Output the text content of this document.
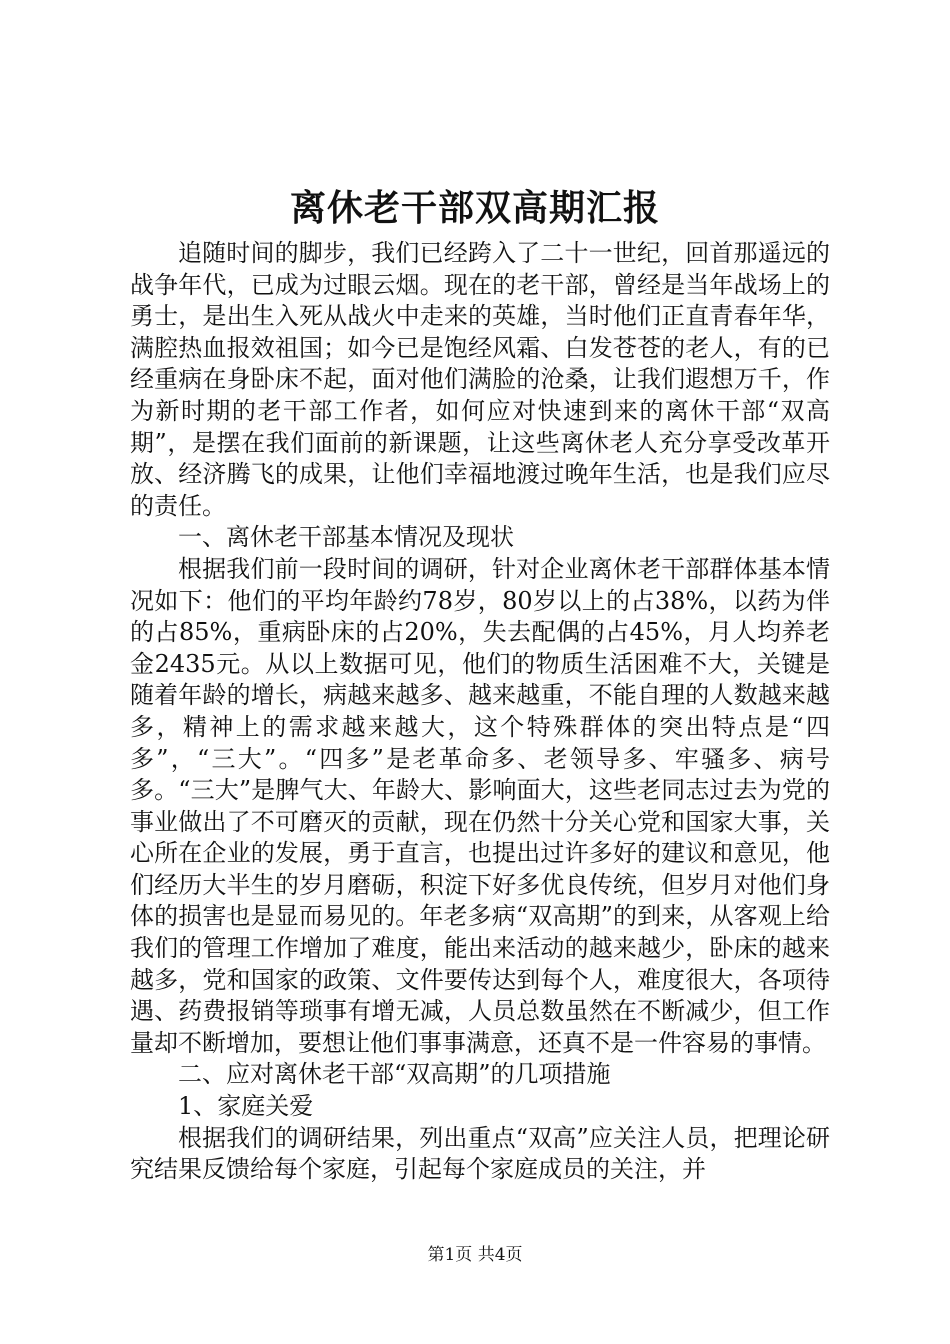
离休老干部双高期汇报

追随时间的脚步，我们已经跨入了二十一世纪，回首那遥远的战争年代，已成为过眼云烟。现在的老干部，曾经是当年战场上的勇士，是出生入死从战火中走来的英雄，当时他们正直青春年华，满腔热血报效祖国；如今已是饱经风霜、白发苍苍的老人，有的已经重病在身卧床不起，面对他们满脸的沧桑，让我们遐想万千，作为新时期的老干部工作者，如何应对快速到来的离休干部“双高期”，是摆在我们面前的新课题，让这些离休老人充分享受改革开放、经济腾飞的成果，让他们幸福地渡过晚年生活，也是我们应尽的责任。

一、离休老干部基本情况及现状

根据我们前一段时间的调研，针对企业离休老干部群体基本情况如下：他们的平均年龄约78岁，80岁以上的占38%，以药为伴的占85%，重病卧床的占20%，失去配偶的占45%，月人均养老金2435元。从以上数据可见，他们的物质生活困难不大，关键是随着年龄的增长，病越来越多、越来越重，不能自理的人数越来越多，精神上的需求越来越大，这个特殊群体的突出特点是“四多”，“三大”。“四多”是老革命多、老领导多、牢骚多、病号多。“三大”是脾气大、年龄大、影响面大，这些老同志过去为党的事业做出了不可磨灭的贡献，现在仍然十分关心党和国家大事，关心所在企业的发展，勇于直言，也提出过许多好的建议和意见，他们经历大半生的岁月磨砺，积淀下好多优良传统，但岁月对他们身体的损害也是显而易见的。年老多病“双高期”的到来，从客观上给我们的管理工作增加了难度，能出来活动的越来越少，卧床的越来越多，党和国家的政策、文件要传达到每个人，难度很大，各项待遇、药费报销等琐事有增无减，人员总数虽然在不断减少，但工作量却不断增加，要想让他们事事满意，还真不是一件容易的事情。

二、应对离休老干部“双高期”的几项措施

1、家庭关爱

根据我们的调研结果，列出重点“双高”应关注人员，把理论研究结果反馈给每个家庭，引起每个家庭成员的关注，并

第1页 共4页
